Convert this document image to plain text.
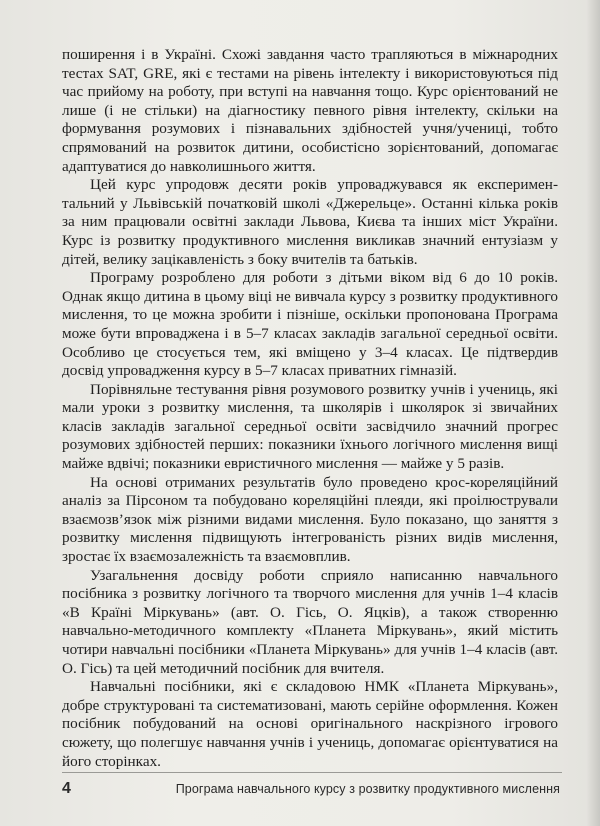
поширення і в Україні. Схожі завдання часто трапляються в міжнародних тестах SAT, GRE, які є тестами на рівень інтелекту і використовуються під час прийому на роботу, при вступі на навчання тощо. Курс орієнтований не лише (і не стільки) на діагностику певного рівня інтелекту, скільки на формування розумових і пізнавальних здібностей учня/учениці, тобто спрямований на розвиток дитини, особистісно зорієнтований, допомагає адаптуватися до навколишнього життя.

Цей курс упродовж десяти років упроваджувався як експериментальний у Львівській початковій школі «Джерельце». Останні кілька років за ним працювали освітні заклади Львова, Києва та інших міст України. Курс із розвитку продуктивного мислення викликав значний ентузіазм у дітей, велику зацікавленість з боку вчителів та батьків.

Програму розроблено для роботи з дітьми віком від 6 до 10 років. Однак якщо дитина в цьому віці не вивчала курсу з розвитку продуктивного мислення, то це можна зробити і пізніше, оскільки пропонована Програма може бути впроваджена і в 5–7 класах закладів загальної середньої освіти. Особливо це стосується тем, які вміщено у 3–4 класах. Це підтвердив досвід упровадження курсу в 5–7 класах приватних гімназій.

Порівняльне тестування рівня розумового розвитку учнів і учениць, які мали уроки з розвитку мислення, та школярів і школярок зі звичайних класів закладів загальної середньої освіти засвідчило значний прогрес розумових здібностей перших: показники їхнього логічного мислення вищі майже вдвічі; показники евристичного мислення — майже у 5 разів.

На основі отриманих результатів було проведено крос-кореляційний аналіз за Пірсоном та побудовано кореляційні плеяди, які проілюстрували взаємозв’язок між різними видами мислення. Було показано, що заняття з розвитку мислення підвищують інтегрованість різних видів мислення, зростає їх взаємозалежність та взаємовплив.

Узагальнення досвіду роботи сприяло написанню навчального посібника з розвитку логічного та творчого мислення для учнів 1–4 класів «В Країні Міркувань» (авт. О. Гісь, О. Яцків), а також створенню навчально-методичного комплекту «Планета Міркувань», який містить чотири навчальні посібники «Планета Міркувань» для учнів 1–4 класів (авт. О. Гісь) та цей методичний посібник для вчителя.

Навчальні посібники, які є складовою НМК «Планета Міркувань», добре структуровані та систематизовані, мають серійне оформлення. Кожен посібник побудований на основі оригінального наскрізного ігрового сюжету, що полегшує навчання учнів і учениць, допомагає орієнтуватися на його сторінках.

4	Програма навчального курсу з розвитку продуктивного мислення
